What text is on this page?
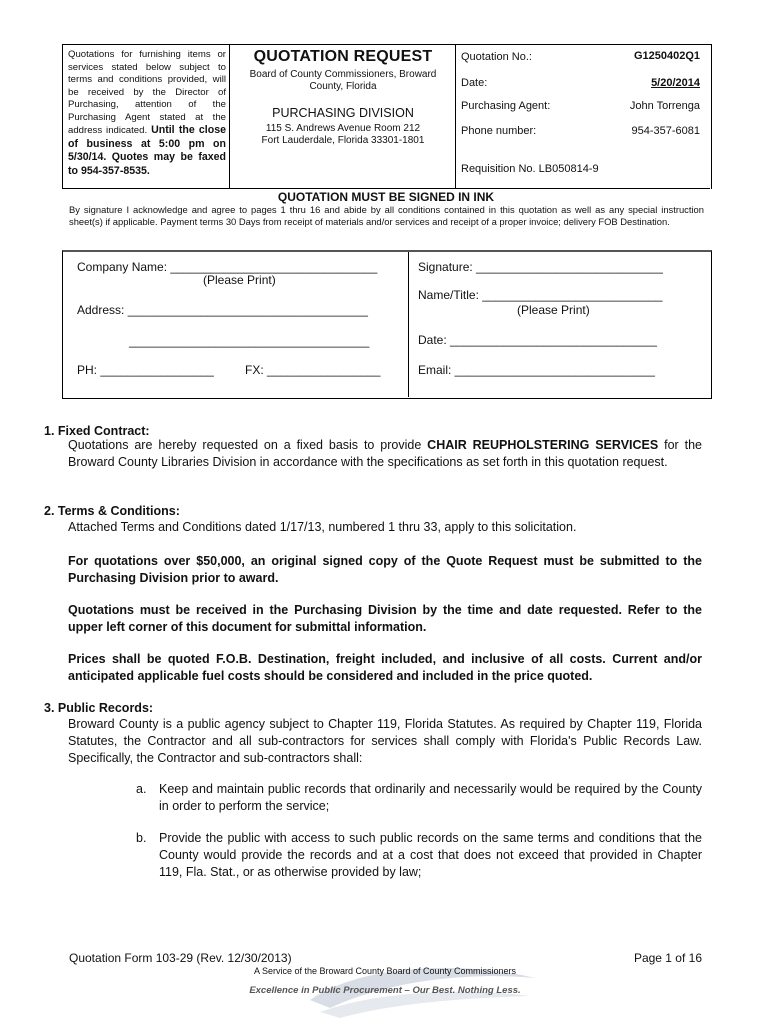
Quotations for furnishing items or services stated below subject to terms and conditions provided, will be received by the Director of Purchasing, attention of the Purchasing Agent stated at the address indicated. Until the close of business at 5:00 pm on 5/30/14. Quotes may be faxed to 954-357-8535.
QUOTATION REQUEST
Board of County Commissioners, Broward County, Florida
PURCHASING DIVISION
115 S. Andrews Avenue Room 212
Fort Lauderdale, Florida 33301-1801
Quotation No.:	G1250402Q1
Date:	5/20/2014
Purchasing Agent:	John Torrenga
Phone number:	954-357-6081
Requisition No. LB050814-9
QUOTATION MUST BE SIGNED IN INK
By signature I acknowledge and agree to pages 1 thru 16 and abide by all conditions contained in this quotation as well as any special instruction sheet(s) if applicable. Payment terms 30 Days from receipt of materials and/or services and receipt of a proper invoice; delivery FOB Destination.
Company Name: _______________________________
(Please Print)
Address: ____________________________________
____________________________________
PH: _________________	FX: _________________
Signature: ____________________________
Name/Title: ___________________________
(Please Print)
Date: _______________________________
Email: ______________________________
1. Fixed Contract:
Quotations are hereby requested on a fixed basis to provide CHAIR REUPHOLSTERING SERVICES for the Broward County Libraries Division in accordance with the specifications as set forth in this quotation request.
2. Terms & Conditions:
Attached Terms and Conditions dated 1/17/13, numbered 1 thru 33, apply to this solicitation.
For quotations over $50,000, an original signed copy of the Quote Request must be submitted to the Purchasing Division prior to award.
Quotations must be received in the Purchasing Division by the time and date requested. Refer to the upper left corner of this document for submittal information.
Prices shall be quoted F.O.B. Destination, freight included, and inclusive of all costs. Current and/or anticipated applicable fuel costs should be considered and included in the price quoted.
3. Public Records:
Broward County is a public agency subject to Chapter 119, Florida Statutes. As required by Chapter 119, Florida Statutes, the Contractor and all sub-contractors for services shall comply with Florida's Public Records Law. Specifically, the Contractor and sub-contractors shall:
a. Keep and maintain public records that ordinarily and necessarily would be required by the County in order to perform the service;
b. Provide the public with access to such public records on the same terms and conditions that the County would provide the records and at a cost that does not exceed that provided in Chapter 119, Fla. Stat., or as otherwise provided by law;
Quotation Form 103-29 (Rev. 12/30/2013)	Page 1 of 16
A Service of the Broward County Board of County Commissioners
Excellence in Public Procurement – Our Best. Nothing Less.
